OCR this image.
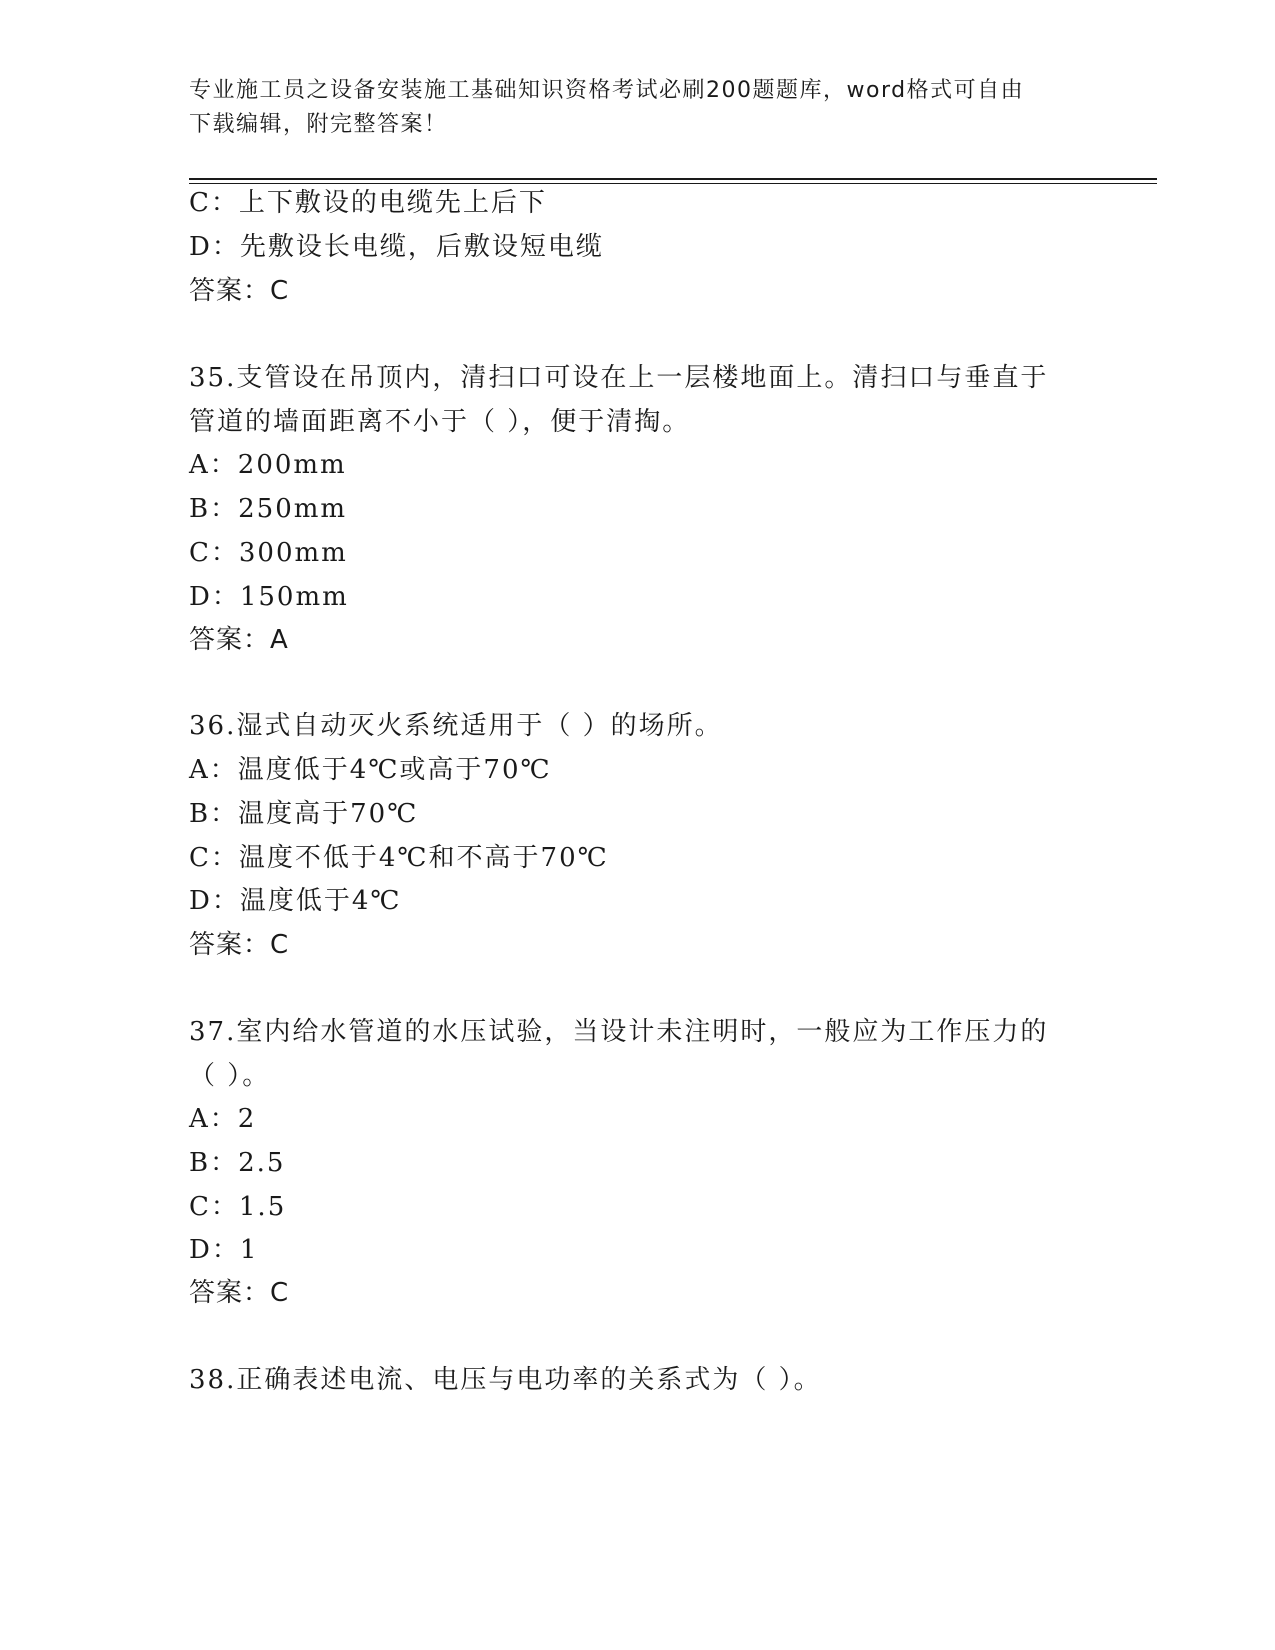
专业施工员之设备安装施工基础知识资格考试必刷200题题库，word格式可自由
下载编辑，附完整答案！
C：上下敷设的电缆先上后下
D：先敷设长电缆，后敷设短电缆
答案：C
35.支管设在吊顶内，清扫口可设在上一层楼地面上。清扫口与垂直于
管道的墙面距离不小于（ ），便于清掏。
A：200mm
B：250mm
C：300mm
D：150mm
答案：A
36.湿式自动灭火系统适用于（ ）的场所。
A：温度低于4℃或高于70℃
B：温度高于70℃
C：温度不低于4℃和不高于70℃
D：温度低于4℃
答案：C
37.室内给水管道的水压试验，当设计未注明时，一般应为工作压力的
（ ）。
A：2
B：2.5
C：1.5
D：1
答案：C
38.正确表述电流、电压与电功率的关系式为（ ）。
